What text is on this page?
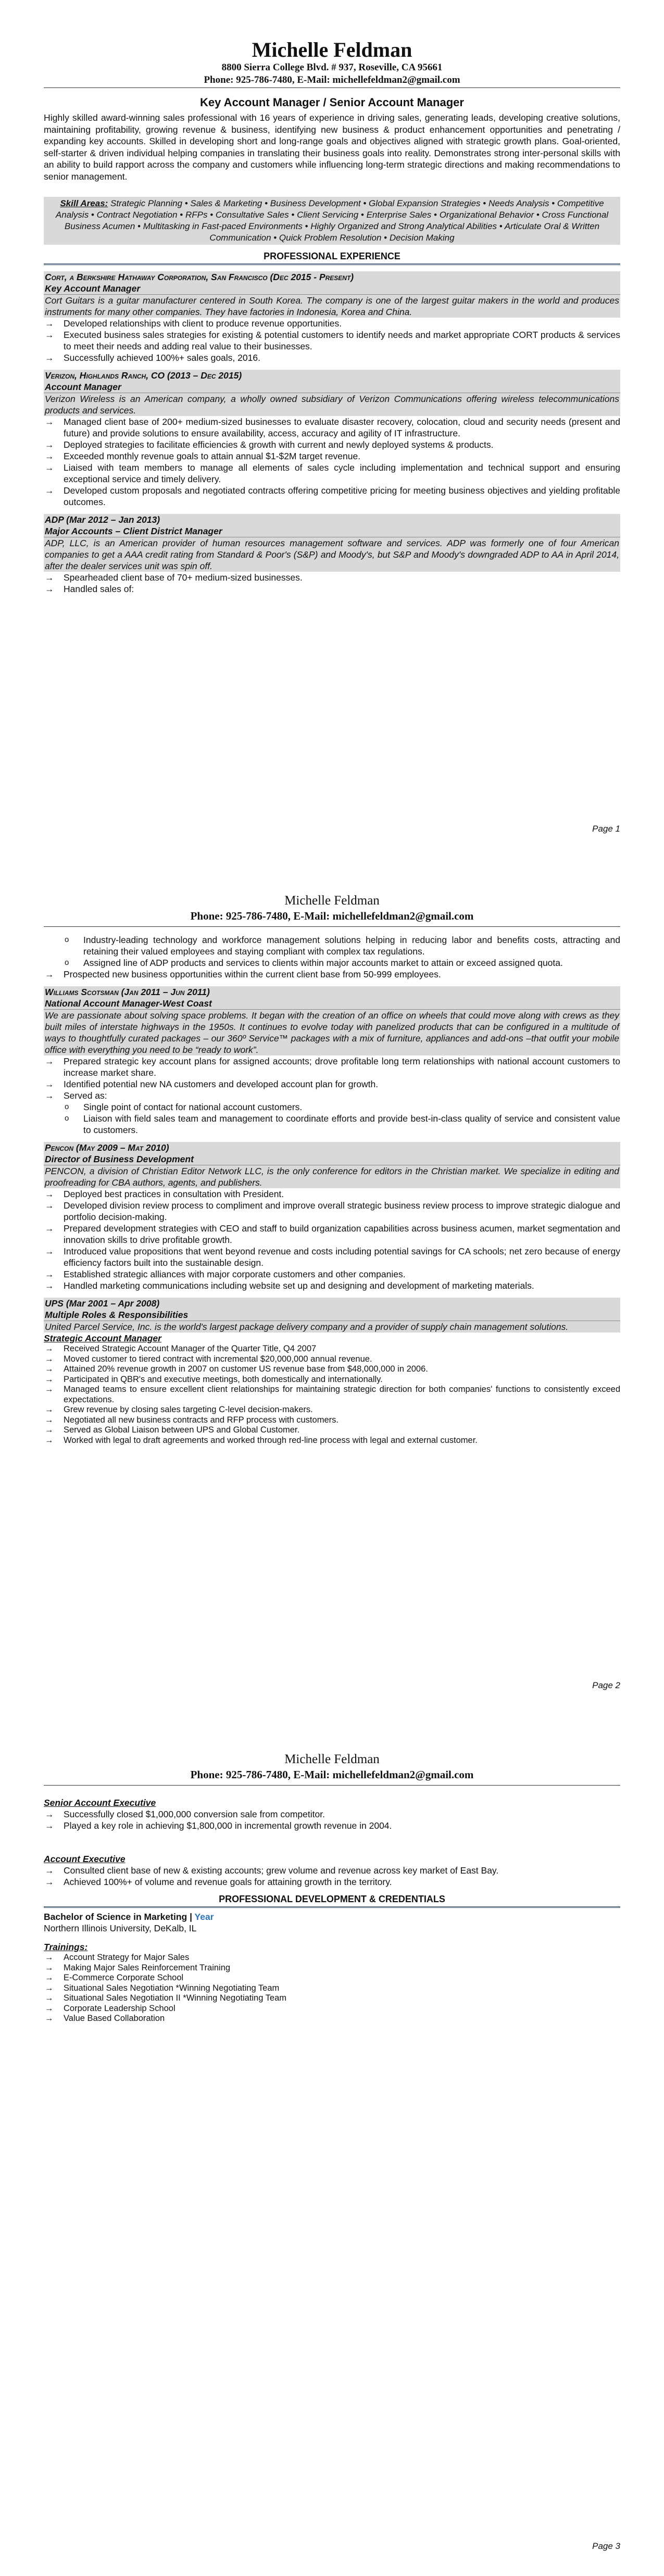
Michelle Feldman
8800 Sierra College Blvd. # 937, Roseville, CA 95661
Phone: 925-786-7480, E-Mail: michellefeldman2@gmail.com
Key Account Manager / Senior Account Manager
Highly skilled award-winning sales professional with 16 years of experience in driving sales, generating leads, developing creative solutions, maintaining profitability, growing revenue & business, identifying new business & product enhancement opportunities and penetrating / expanding key accounts. Skilled in developing short and long-range goals and objectives aligned with strategic growth plans. Goal-oriented, self-starter & driven individual helping companies in translating their business goals into reality. Demonstrates strong inter-personal skills with an ability to build rapport across the company and customers while influencing long-term strategic directions and making recommendations to senior management.
Skill Areas: Strategic Planning • Sales & Marketing • Business Development • Global Expansion Strategies • Needs Analysis • Competitive Analysis • Contract Negotiation • RFPs • Consultative Sales • Client Servicing • Enterprise Sales • Organizational Behavior • Cross Functional Business Acumen • Multitasking in Fast-paced Environments • Highly Organized and Strong Analytical Abilities • Articulate Oral & Written Communication • Quick Problem Resolution • Decision Making
PROFESSIONAL EXPERIENCE
Cort, a Berkshire Hathaway Corporation, San Francisco (Dec 2015 - Present)
Key Account Manager
Cort Guitars is a guitar manufacturer centered in South Korea. The company is one of the largest guitar makers in the world and produces instruments for many other companies. They have factories in Indonesia, Korea and China.
→ Developed relationships with client to produce revenue opportunities.
→ Executed business sales strategies for existing & potential customers to identify needs and market appropriate CORT products & services to meet their needs and adding real value to their businesses.
→ Successfully achieved 100%+ sales goals, 2016.
Verizon, Highlands Ranch, CO (2013 – Dec 2015)
Account Manager
Verizon Wireless is an American company, a wholly owned subsidiary of Verizon Communications offering wireless telecommunications products and services.
→ Managed client base of 200+ medium-sized businesses to evaluate disaster recovery, colocation, cloud and security needs (present and future) and provide solutions to ensure availability, access, accuracy and agility of IT infrastructure.
→ Deployed strategies to facilitate efficiencies & growth with current and newly deployed systems & products.
→ Exceeded monthly revenue goals to attain annual $1-$2M target revenue.
→ Liaised with team members to manage all elements of sales cycle including implementation and technical support and ensuring exceptional service and timely delivery.
→ Developed custom proposals and negotiated contracts offering competitive pricing for meeting business objectives and yielding profitable outcomes.
ADP (Mar 2012 – Jan 2013)
Major Accounts – Client District Manager
ADP, LLC, is an American provider of human resources management software and services. ADP was formerly one of four American companies to get a AAA credit rating from Standard & Poor's (S&P) and Moody's, but S&P and Moody's downgraded ADP to AA in April 2014, after the dealer services unit was spin off.
→ Spearheaded client base of 70+ medium-sized businesses.
→ Handled sales of:
Page 1
Michelle Feldman
Phone: 925-786-7480, E-Mail: michellefeldman2@gmail.com
o Industry-leading technology and workforce management solutions helping in reducing labor and benefits costs, attracting and retaining their valued employees and staying compliant with complex tax regulations.
o Assigned line of ADP products and services to clients within major accounts market to attain or exceed assigned quota.
→ Prospected new business opportunities within the current client base from 50-999 employees.
Williams Scotsman (Jan 2011 – Jun 2011)
National Account Manager-West Coast
We are passionate about solving space problems. It began with the creation of an office on wheels that could move along with crews as they built miles of interstate highways in the 1950s. It continues to evolve today with panelized products that can be configured in a multitude of ways to thoughtfully curated packages – our 360º Service™ packages with a mix of furniture, appliances and add-ons –that outfit your mobile office with everything you need to be “ready to work”.
→ Prepared strategic key account plans for assigned accounts; drove profitable long term relationships with national account customers to increase market share.
→ Identified potential new NA customers and developed account plan for growth.
→ Served as:
o Single point of contact for national account customers.
o Liaison with field sales team and management to coordinate efforts and provide best-in-class quality of service and consistent value to customers.
Pencon (May 2009 – Mat 2010)
Director of Business Development
PENCON, a division of Christian Editor Network LLC, is the only conference for editors in the Christian market. We specialize in editing and proofreading for CBA authors, agents, and publishers.
→ Deployed best practices in consultation with President.
→ Developed division review process to compliment and improve overall strategic business review process to improve strategic dialogue and portfolio decision-making.
→ Prepared development strategies with CEO and staff to build organization capabilities across business acumen, market segmentation and innovation skills to drive profitable growth.
→ Introduced value propositions that went beyond revenue and costs including potential savings for CA schools; net zero because of energy efficiency factors built into the sustainable design.
→ Established strategic alliances with major corporate customers and other companies.
→ Handled marketing communications including website set up and designing and development of marketing materials.
UPS (Mar 2001 – Apr 2008)
Multiple Roles & Responsibilities
United Parcel Service, Inc. is the world's largest package delivery company and a provider of supply chain management solutions.
Strategic Account Manager
→ Received Strategic Account Manager of the Quarter Title, Q4 2007
→ Moved customer to tiered contract with incremental $20,000,000 annual revenue.
→ Attained 20% revenue growth in 2007 on customer US revenue base from $48,000,000 in 2006.
→ Participated in QBR's and executive meetings, both domestically and internationally.
→ Managed teams to ensure excellent client relationships for maintaining strategic direction for both companies' functions to consistently exceed expectations.
→ Grew revenue by closing sales targeting C-level decision-makers.
→ Negotiated all new business contracts and RFP process with customers.
→ Served as Global Liaison between UPS and Global Customer.
→ Worked with legal to draft agreements and worked through red-line process with legal and external customer.
Page 2
Michelle Feldman
Phone: 925-786-7480, E-Mail: michellefeldman2@gmail.com
Senior Account Executive
→ Successfully closed $1,000,000 conversion sale from competitor.
→ Played a key role in achieving $1,800,000 in incremental growth revenue in 2004.
Account Executive
→ Consulted client base of new & existing accounts; grew volume and revenue across key market of East Bay.
→ Achieved 100%+ of volume and revenue goals for attaining growth in the territory.
PROFESSIONAL DEVELOPMENT & CREDENTIALS
Bachelor of Science in Marketing | Year
Northern Illinois University, DeKalb, IL
Trainings:
→ Account Strategy for Major Sales
→ Making Major Sales Reinforcement Training
→ E-Commerce Corporate School
→ Situational Sales Negotiation *Winning Negotiating Team
→ Situational Sales Negotiation II *Winning Negotiating Team
→ Corporate Leadership School
→ Value Based Collaboration
Page 3
